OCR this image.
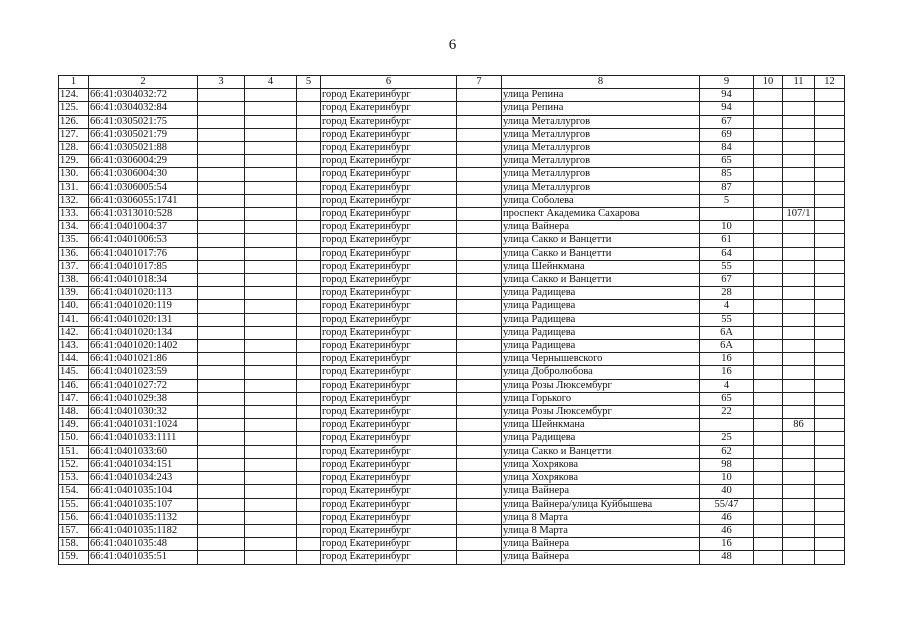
6
1	2	3	4	5	6	7	8	9	10	11	12
124.	66:41:0304032:72				город Екатеринбург		улица Репина	94			
125.	66:41:0304032:84				город Екатеринбург		улица Репина	94			
126.	66:41:0305021:75				город Екатеринбург		улица Металлургов	67			
127.	66:41:0305021:79				город Екатеринбург		улица Металлургов	69			
128.	66:41:0305021:88				город Екатеринбург		улица Металлургов	84			
129.	66:41:0306004:29				город Екатеринбург		улица Металлургов	65			
130.	66:41:0306004:30				город Екатеринбург		улица Металлургов	85			
131.	66:41:0306005:54				город Екатеринбург		улица Металлургов	87			
132.	66:41:0306055:1741				город Екатеринбург		улица Соболева	5			
133.	66:41:0313010:528				город Екатеринбург		проспект Академика Сахарова			107/1	
134.	66:41:0401004:37				город Екатеринбург		улица Вайнера	10			
135.	66:41:0401006:53				город Екатеринбург		улица Сакко и Ванцетти	61			
136.	66:41:0401017:76				город Екатеринбург		улица Сакко и Ванцетти	64			
137.	66:41:0401017:85				город Екатеринбург		улица Шейнкмана	55			
138.	66:41:0401018:34				город Екатеринбург		улица Сакко и Ванцетти	67			
139.	66:41:0401020:113				город Екатеринбург		улица Радищева	28			
140.	66:41:0401020:119				город Екатеринбург		улица Радищева	4			
141.	66:41:0401020:131				город Екатеринбург		улица Радищева	55			
142.	66:41:0401020:134				город Екатеринбург		улица Радищева	6А			
143.	66:41:0401020:1402				город Екатеринбург		улица Радищева	6А			
144.	66:41:0401021:86				город Екатеринбург		улица Чернышевского	16			
145.	66:41:0401023:59				город Екатеринбург		улица Добролюбова	16			
146.	66:41:0401027:72				город Екатеринбург		улица Розы Люксембург	4			
147.	66:41:0401029:38				город Екатеринбург		улица Горького	65			
148.	66:41:0401030:32				город Екатеринбург		улица Розы Люксембург	22			
149.	66:41:0401031:1024				город Екатеринбург		улица Шейнкмана			86	
150.	66:41:0401033:1111				город Екатеринбург		улица Радищева	25			
151.	66:41:0401033:60				город Екатеринбург		улица Сакко и Ванцетти	62			
152.	66:41:0401034:151				город Екатеринбург		улица Хохрякова	98			
153.	66:41:0401034:243				город Екатеринбург		улица Хохрякова	10			
154.	66:41:0401035:104				город Екатеринбург		улица Вайнера	40			
155.	66:41:0401035:107				город Екатеринбург		улица Вайнера/улица Куйбышева	55/47			
156.	66:41:0401035:1132				город Екатеринбург		улица 8 Марта	46			
157.	66:41:0401035:1182				город Екатеринбург		улица 8 Марта	46			
158.	66:41:0401035:48				город Екатеринбург		улица Вайнера	16			
159.	66:41:0401035:51				город Екатеринбург		улица Вайнера	48			
